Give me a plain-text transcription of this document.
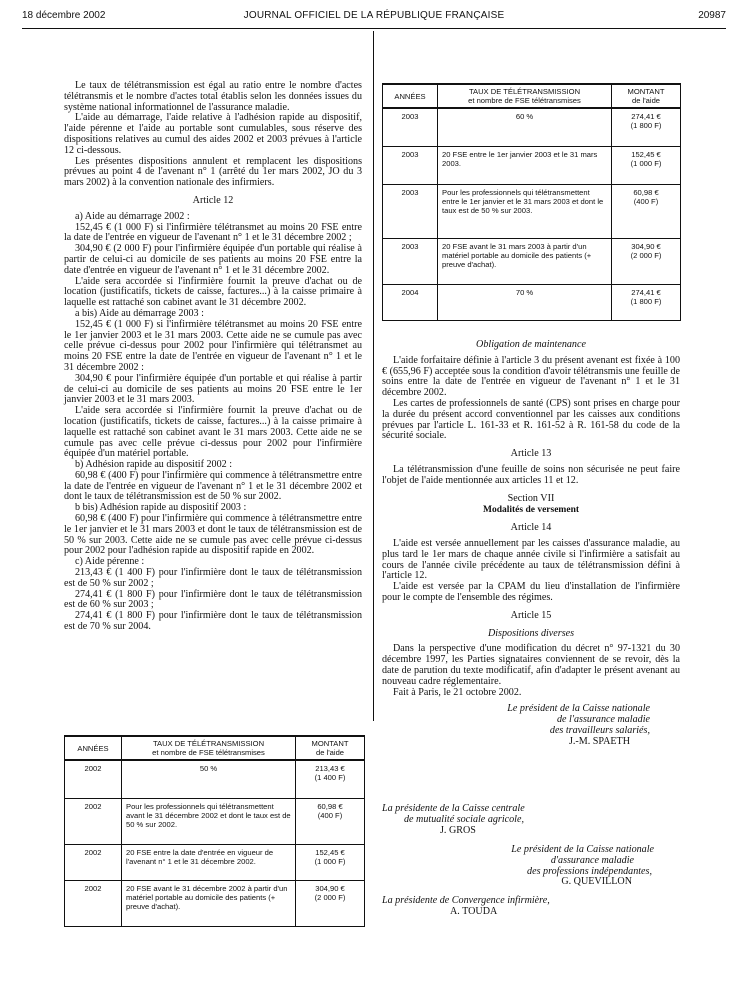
18 décembre 2002	JOURNAL OFFICIEL DE LA RÉPUBLIQUE FRANÇAISE	20987

Le taux de télétransmission est égal au ratio entre le nombre d'actes télétransmis et le nombre d'actes total établis selon les données issues du système national informationnel de l'assurance maladie.

L'aide au démarrage, l'aide relative à l'adhésion rapide au dispositif, l'aide pérenne et l'aide au portable sont cumulables, sous réserve des dispositions relatives au cumul des aides 2002 et 2003 prévues à l'article 12 ci-dessous.

Les présentes dispositions annulent et remplacent les dispositions prévues au point 4 de l'avenant n° 1 (arrêté du 1er mars 2002, JO du 3 mars 2002) à la convention nationale des infirmiers.

Article 12

a) Aide au démarrage 2002 :

152,45 € (1 000 F) si l'infirmière télétransmet au moins 20 FSE entre la date de l'entrée en vigueur de l'avenant n° 1 et le 31 décembre 2002 ;

304,90 € (2 000 F) pour l'infirmière équipée d'un portable qui réalise à partir de celui-ci au domicile de ses patients au moins 20 FSE entre la date d'entrée en vigueur de l'avenant n° 1 et le 31 décembre 2002.

L'aide sera accordée si l'infirmière fournit la preuve d'achat ou de location (justificatifs, tickets de caisse, factures...) à la caisse primaire à laquelle est rattaché son cabinet avant le 31 décembre 2002.

a bis) Aide au démarrage 2003 :

152,45 € (1 000 F) si l'infirmière télétransmet au moins 20 FSE entre le 1er janvier 2003 et le 31 mars 2003. Cette aide ne se cumule pas avec celle prévue ci-dessus pour 2002 pour l'infirmière qui télétransmet au moins 20 FSE entre la date de l'entrée en vigueur de l'avenant n° 1 et le 31 décembre 2002 :

304,90 € pour l'infirmière équipée d'un portable et qui réalise à partir de celui-ci au domicile de ses patients au moins 20 FSE entre le 1er janvier 2003 et le 31 mars 2003.

L'aide sera accordée si l'infirmière fournit la preuve d'achat ou de location (justificatifs, tickets de caisse, factures...) à la caisse primaire à laquelle est rattaché son cabinet avant le 31 mars 2003. Cette aide ne se cumule pas avec celle prévue ci-dessus pour 2002 pour l'infirmière équipée d'un matériel portable.

b) Adhésion rapide au dispositif 2002 :

60,98 € (400 F) pour l'infirmière qui commence à télétransmettre entre la date de l'entrée en vigueur de l'avenant n° 1 et le 31 décembre 2002 et dont le taux de télétransmission est de 50 % sur 2002.

b bis) Adhésion rapide au dispositif 2003 :

60,98 € (400 F) pour l'infirmière qui commence à télétransmettre entre le 1er janvier et le 31 mars 2003 et dont le taux de télétransmission est de 50 % sur 2003. Cette aide ne se cumule pas avec celle prévue ci-dessus pour 2002 pour l'adhésion rapide au dispositif rapide en 2002.

c) Aide pérenne :

213,43 € (1 400 F) pour l'infirmière dont le taux de télétransmission est de 50 % sur 2002 ;

274,41 € (1 800 F) pour l'infirmière dont le taux de télétransmission est de 60 % sur 2003 ;

274,41 € (1 800 F) pour l'infirmière dont le taux de télétransmission est de 70 % sur 2004.

ANNÉES	TAUX DE TÉLÉTRANSMISSION
et nombre de FSE télétransmises	MONTANT
de l'aide

2003	60 %	274,41 €
(1 800 F)

2003	20 FSE entre le 1er janvier 2003 et le 31 mars 2003.	152,45 €
(1 000 F)

2003	Pour les professionnels qui télétransmettent entre le 1er janvier et le 31 mars 2003 et dont le taux est de 50 % sur 2003.	60,98 €
(400 F)

2003	20 FSE avant le 31 mars 2003 à partir d'un matériel portable au domicile des patients (+ preuve d'achat).	304,90 €
(2 000 F)

2004	70 %	274,41 €
(1 800 F)
ANNÉES	TAUX DE TÉLÉTRANSMISSION
et nombre de FSE télétransmises	MONTANT
de l'aide

2002	50 %	213,43 €
(1 400 F)

2002	Pour les professionnels qui télétransmettent avant le 31 décembre 2002 et dont le taux est de 50 % sur 2002.	60,98 €
(400 F)

2002	20 FSE entre la date d'entrée en vigueur de l'avenant n° 1 et le 31 décembre 2002.	152,45 €
(1 000 F)

2002	20 FSE avant le 31 décembre 2002 à partir d'un matériel portable au domicile des patients (+ preuve d'achat).	304,90 €
(2 000 F)

Obligation de maintenance

L'aide forfaitaire définie à l'article 3 du présent avenant est fixée à 100 € (655,96 F) acceptée sous la condition d'avoir télétransmis une feuille de soins entre la date de l'entrée en vigueur de l'avenant n° 1 et le 31 décembre 2002.

Les cartes de professionnels de santé (CPS) sont prises en charge pour la durée du présent accord conventionnel par les caisses aux conditions prévues par l'article L. 161-33 et R. 161-52 à R. 161-58 du code de la sécurité sociale.

Article 13

La télétransmission d'une feuille de soins non sécurisée ne peut faire l'objet de l'aide mentionnée aux articles 11 et 12.

Section VII

Modalités de versement

Article 14

L'aide est versée annuellement par les caisses d'assurance maladie, au plus tard le 1er mars de chaque année civile si l'infirmière a satisfait au cours de l'année civile précédente au taux de télétransmission défini à l'article 12.

L'aide est versée par la CPAM du lieu d'installation de l'infirmière pour le compte de l'ensemble des régimes.

Article 15

Dispositions diverses

Dans la perspective d'une modification du décret n° 97-1321 du 30 décembre 1997, les Parties signataires conviennent de se revoir, dès la date de parution du texte modificatif, afin d'adapter le présent avenant au nouveau cadre réglementaire.

Fait à Paris, le 21 octobre 2002.

Le président de la Caisse nationale
de l'assurance maladie
des travailleurs salariés,
J.-M. SPAETH
La présidente de la Caisse centrale
de mutualité sociale agricole,
J. GROS
Le président de la Caisse nationale
d'assurance maladie
des professions indépendantes,
G. QUEVILLON
La présidente de Convergence infirmière,
A. TOUDA
